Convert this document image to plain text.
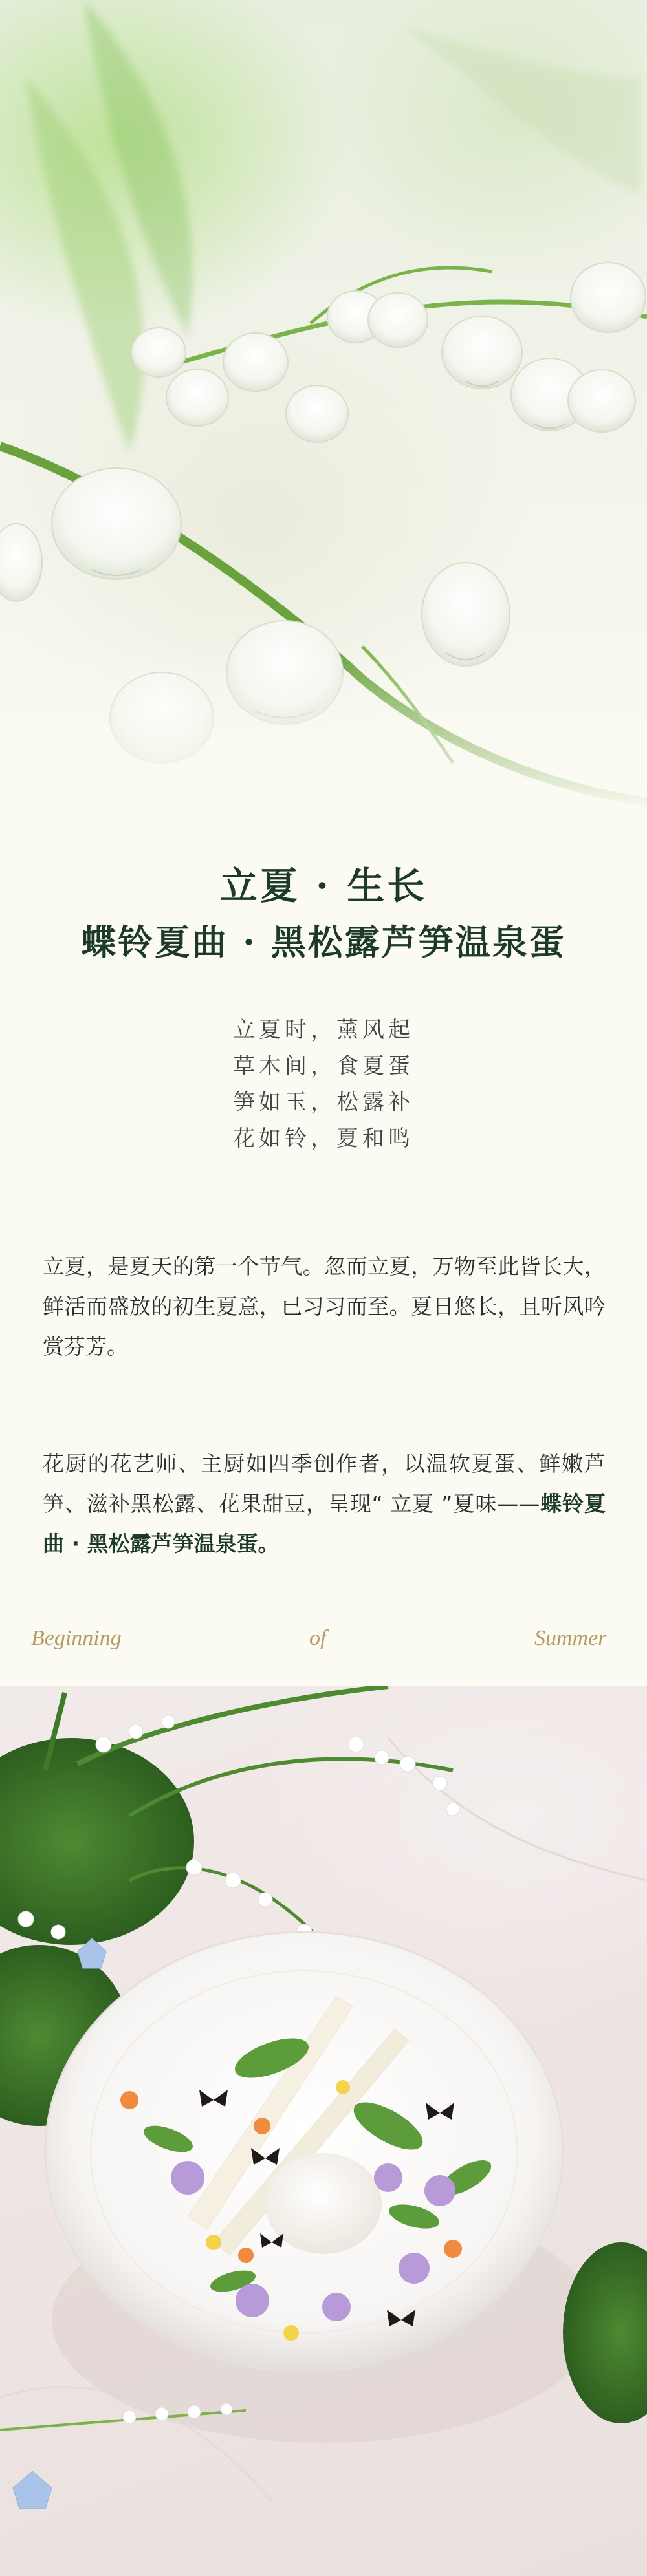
立夏 · 生长
蝶铃夏曲 · 黑松露芦笋温泉蛋
立夏时，薰风起
草木间，食夏蛋
笋如玉，松露补
花如铃，夏和鸣

立夏，是夏天的第一个节气。忽而立夏，万物至此皆长大，鲜活而盛放的初生夏意，已习习而至。夏日悠长，且听风吟赏芬芳。

花厨的花艺师、主厨如四季创作者，以温软夏蛋、鲜嫩芦笋、滋补黑松露、花果甜豆，呈现“ 立夏 ”夏味——蝶铃夏曲 · 黑松露芦笋温泉蛋。

Beginning	of	Summer
